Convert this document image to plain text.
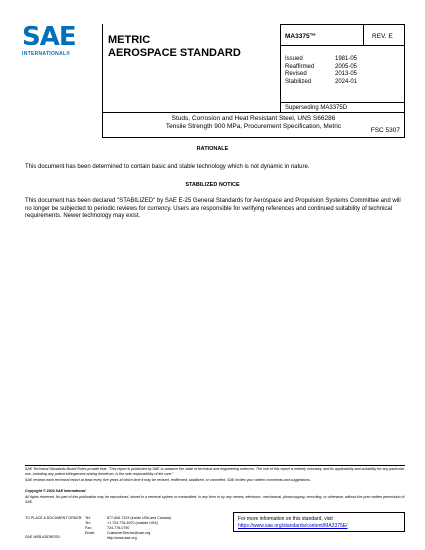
SAE
INTERNATIONAL®
METRIC
AEROSPACE STANDARD
MA3375™	REV. E
Issued	1981-05
Reaffirmed	2005-05
Revised	2013-05
Stabilized	2024-01
Superseding MA3375D
Studs, Corrosion and Heat Resistant Steel, UNS S66286
Tensile Strength 900 MPa, Procurement Specification, Metric
FSC 5307
RATIONALE
This document has been determined to contain basic and stable technology which is not dynamic in nature.
STABILIZED NOTICE
This document has been declared "STABILIZED" by SAE E-25 General Standards for Aerospace and Propulsion Systems Committee and will no longer be subjected to periodic reviews for currency. Users are responsible for verifying references and continued suitability of technical requirements. Newer technology may exist.
SAE Technical Standards Board Rules provide that: "This report is published by SAE to advance the state of technical and engineering sciences. The use of this report is entirely voluntary, and its applicability and suitability for any particular use, including any patent infringement arising therefrom, is the sole responsibility of the user."
SAE reviews each technical report at least every five years at which time it may be revised, reaffirmed, stabilized, or cancelled. SAE invites your written comments and suggestions.
Copyright © 2024 SAE International
All rights reserved. No part of this publication may be reproduced, stored in a retrieval system or transmitted, in any form or by any means, electronic, mechanical, photocopying, recording, or otherwise, without the prior written permission of SAE.
TO PLACE A DOCUMENT ORDER: Tel:	877-606-7323 (inside USA and Canada)
Tel:	+1 724-776-4970 (outside USA)
Fax:	724-776-0790
Email:	CustomerService@sae.org
http://www.sae.org
SAE WEB ADDRESS:
For more information on this standard, visit
https://www.sae.org/standards/content/MA3375E/
